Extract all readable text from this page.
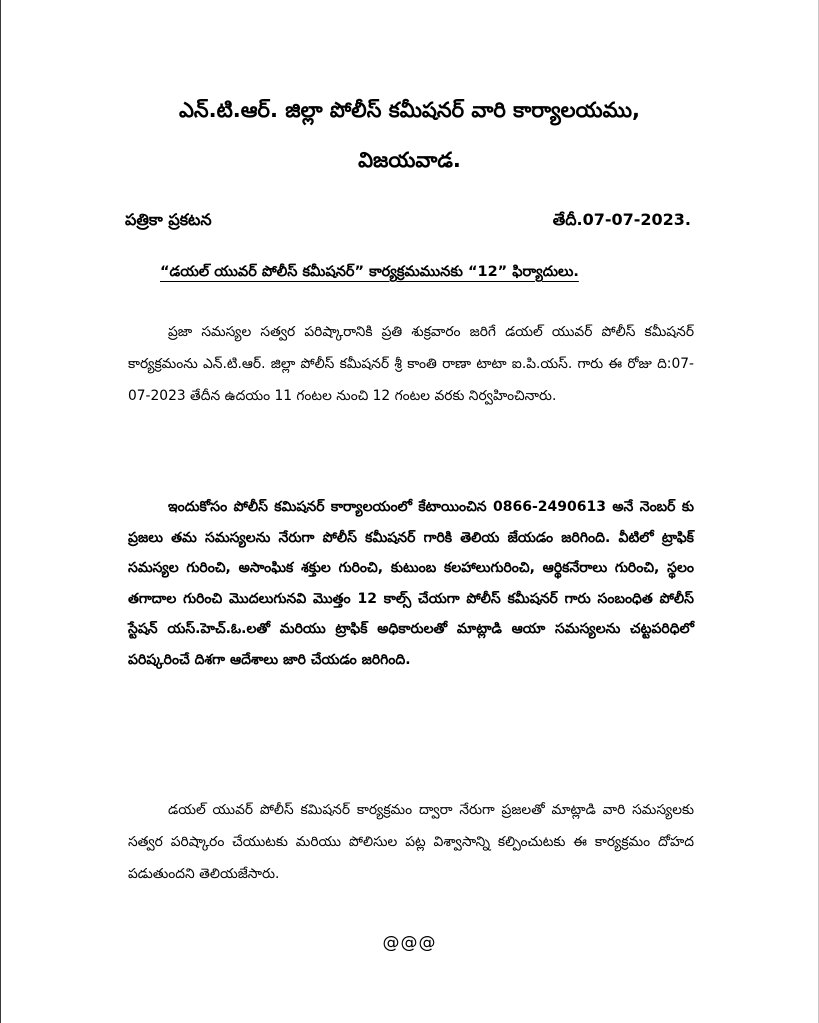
ఎన్.టి.ఆర్. జిల్లా పోలీస్ కమీషనర్ వారి కార్యాలయము,
విజయవాడ.
పత్రికా ప్రకటన	తేదీ.07-07-2023.
“డయల్ యువర్ పోలీస్ కమీషనర్” కార్యక్రమమునకు “12” ఫిర్యాదులు.

ప్రజా సమస్యల సత్వర పరిష్కారానికి ప్రతి శుక్రవారం జరిగే డయల్ యువర్ పోలీస్ కమీషనర్ కార్యక్రమంను ఎన్.టి.ఆర్. జిల్లా పోలీస్ కమీషనర్ శ్రీ కాంతి రాణా టాటా ఐ.పి.యస్. గారు ఈ రోజు ది:07-07-2023 తేదీన ఉదయం 11 గంటల నుంచి 12 గంటల వరకు నిర్వహించినారు.

ఇందుకోసం పోలీస్ కమిషనర్ కార్యాలయంలో కేటాయించిన 0866-2490613 అనే నెంబర్ కు ప్రజలు తమ సమస్యలను నేరుగా పోలీస్ కమీషనర్ గారికి తెలియ జేయడం జరిగింది. వీటిలో ట్రాఫిక్ సమస్యల గురించి, అసాంఘిక శక్తుల గురించి, కుటుంబ కలహాలుగురించి, ఆర్థికనేరాలు గురించి, స్థలం తగాదాల గురించి మొదలుగునవి మొత్తం 12 కాల్స్ చేయగా పోలీస్ కమీషనర్ గారు సంబంధిత పోలీస్ స్టేషన్ యస్.హెచ్.ఓ.లతో మరియు ట్రాఫిక్ అధికారులతో మాట్లాడి ఆయా సమస్యలను చట్టపరిధిలో పరిష్కరించే దిశగా ఆదేశాలు జారి చేయడం జరిగింది.

డయల్ యువర్ పోలీస్ కమిషనర్ కార్యక్రమం ద్వారా నేరుగా ప్రజలతో మాట్లాడి వారి సమస్యలకు సత్వర పరిష్కారం చేయుటకు మరియు పోలిసుల పట్ల విశ్వాసాన్ని కల్పించుటకు ఈ కార్యక్రమం దోహద పడుతుందని తెలియజేసారు.

@@@
